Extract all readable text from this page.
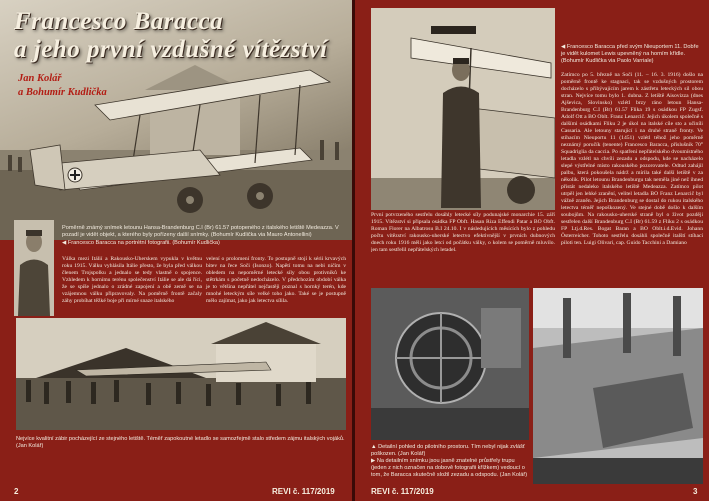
Francesco Baracca
a jeho první vzdušné vítězství
Jan Kolář
a Bohumír Kudlička
Poměrně známý snímek letounu Hansa-Brandenburg C.I (Br) 61.57 potopeného z italského letiště Medeazza. V pozadí je vidět objekt, a kterého byly pořízeny další snímky. (Bohumír Kudlička via Mauro Antonellini)
◀ Francesco Baracca na portrétní fotografii. (Bohumír Kudlička)
Válka mezi Itálií a Rakousko-Uherskem vypukla v květnu roku 1915. Válku vyhlásila Itálie přesto, že byla před válkou členem Trojspolku a jednalo se tedy vlastně o spojence. Vzhledem k hornímu terénu společenství Itálie se ale dá říci, že se spíše jednalo o zrádné zapojení a obě země se na vzájemnou válku připravovaly. Na poměrně frontě začaly záhy probíhat těžké boje při mírné snaze italského
velení o prolomení fronty. To postupně stojí k sérii krvavých bitev na řece Soči (Isonzo). Napětí tomu na nebi ničím v obledem na nepoměrné letecké síly obou protivníků ke stětrkám s početně nedocházelo. V předchozím období válka je to většina nepřátel nejčastěji poznal s hornký terén, kde mnohé leteckým síle velké toho jako. Také se je postupně mělo zajímat, jako jak letectva sílila.
Nejvíce kvalitní zábir pocházející ze stejného letiště. Téměř zapokoutné letadlo se samozřejmě stalo středem zájmu italských vojáků. (Jan Kolář)
2	REVI č. 117/2019
◀ Francesco Baracca před svým Nieuportem 11. Dobře je vidět kulomet Lewis upevněný na horním křídle. (Bohumír Kudlička via Paolo Varriale)
Zatímco po 5. březně na Soči (11. – 16. 3. 1916) došlo na poměrně frontě ke stagnaci, tak se vzdušných prostorem docházelo s přibývajícím jarem k zástřetu leteckých sil obou stran. Nejvíce tomu bylo 1. dubna. Z letiště Aisovizza (dnes Ajševica, Slovinsko) vzlétl brzy ráno letoun Hansa-Brandenburg C.I (Br) 61.57 Flika 19 s osádkou FP Zugsf. Adolf Ott a BO Oblt. Franz Lenarcič. Jejich úkolem společně s dalšími osádkami Fliku 2 je úkol na italské cíle sto a učiníli Cassaria. Ale letouny starující i na druhé straně fronty. Ve stíhacím Nieuportu 11 (1451) vzlétl téhož jeho poměrně neznámý poručík (tenente) Francesco Baracca, příslušník 70° Squadriglia da caccia. Po spatření nepřátelského dvoumístného letadla vzlétl na chvíli zezadu a odspodu, kde se nacházelo slepé výstřelné místo rakouského pozorovatele. Odtud zahájil palbu, která pokoušela nádrž a mírila také další letiště v za několik. Pilot letounu Brandenburgu tak neměla jiné než ihned přistát nedaleko italského letiště Medeazza. Zatímco pilot utrpěl jen lehké zranění, velitel letadla BO Franz Lenarcič byl vážně zraněn. Jejich Brandenburg se dostal do rukou italského letectva téměř nepoškozený. Ve stejné době došlo k dalším soubojům. Na rakousko-uherské straně byl o život později sestřelen další Brandenburg C.I (Br) 61.59 z Fliku 2 s osádkou FP Ltj.d.Res. Bogat Baran a BO Oblt.i.d.Evid. Johann Österreicher. Tohoto sestřelu dosáhli společně italští stíhací piloti ten. Luigi Olivari, cap. Guido Tacchini a Damiano
První potvrzeného sestřelu dosáhly letecké síly podunajské monarchie 15. září 1915. Vítězství si připsala osádka FP Obft. Hasan Riza Effendi Patar a BO Obft. Roman Florer na Albatrosu B.I 24.10. I v následujících měsících bylo z pohledu počtu vítězství rakousko-uherské letectvo efektivnější v prvních dubnových dnech roku 1916 měli jako letci od počátku války, o kolem se poměrně mluvilo. jen tam sestřelil nepřátelských letadel.
▲ Detailní pohled do pilotního prostoru. Tím nebyl nijak zvlášť poškozen. (Jan Kolář)
▶ Na detailním snímku jsou jasně znatelné průstřely trupu (jeden z nich označen na dobově fotografii křížkem) vedoucí o tom, že Baracca skutečně složil zezadu a odspodu. (Jan Kolář)
REVI č. 117/2019	3
